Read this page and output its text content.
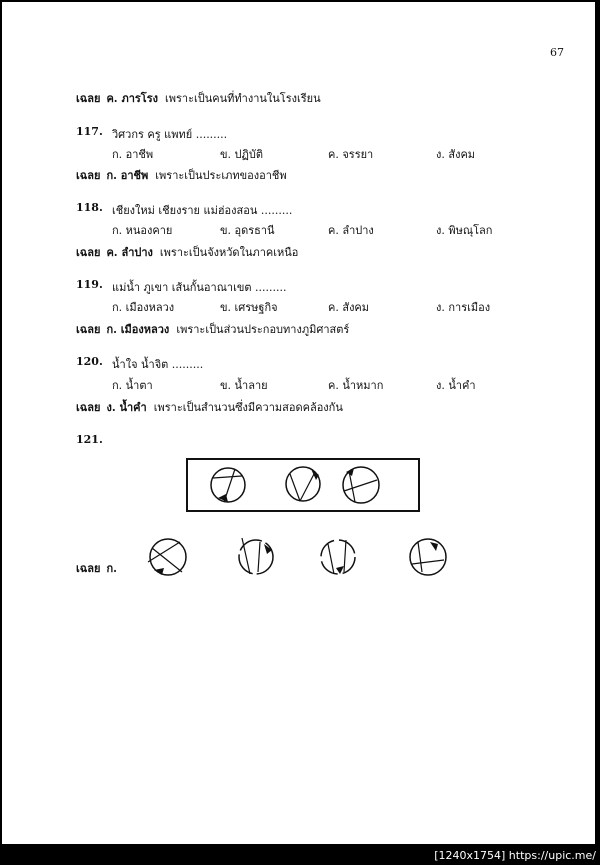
67
เฉลย ค. ภารโรง เพราะเป็นคนที่ทำงานในโรงเรียน
117. วิศวกร ครู แพทย์ .........
ก. อาชีพ	ข. ปฏิบัติ	ค. จรรยา	ง. สังคม
เฉลย ก. อาชีพ เพราะเป็นประเภทของอาชีพ
118. เชียงใหม่ เชียงราย แม่ฮ่องสอน .........
ก. หนองคาย	ข. อุดรธานี	ค. ลำปาง	ง. พิษณุโลก
เฉลย ค. ลำปาง เพราะเป็นจังหวัดในภาคเหนือ
119. แม่น้ำ ภูเขา เส้นกั้นอาณาเขต .........
ก. เมืองหลวง	ข. เศรษฐกิจ	ค. สังคม	ง. การเมือง
เฉลย ก. เมืองหลวง เพราะเป็นส่วนประกอบทางภูมิศาสตร์
120. น้ำใจ น้ำจิต .........
ก. น้ำตา	ข. น้ำลาย	ค. น้ำหมาก	ง. น้ำคำ
เฉลย ง. น้ำคำ เพราะเป็นสำนวนซึ่งมีความสอดคล้องกัน
121.
เฉลย ก.
[1240x1754] https://upic.me/
